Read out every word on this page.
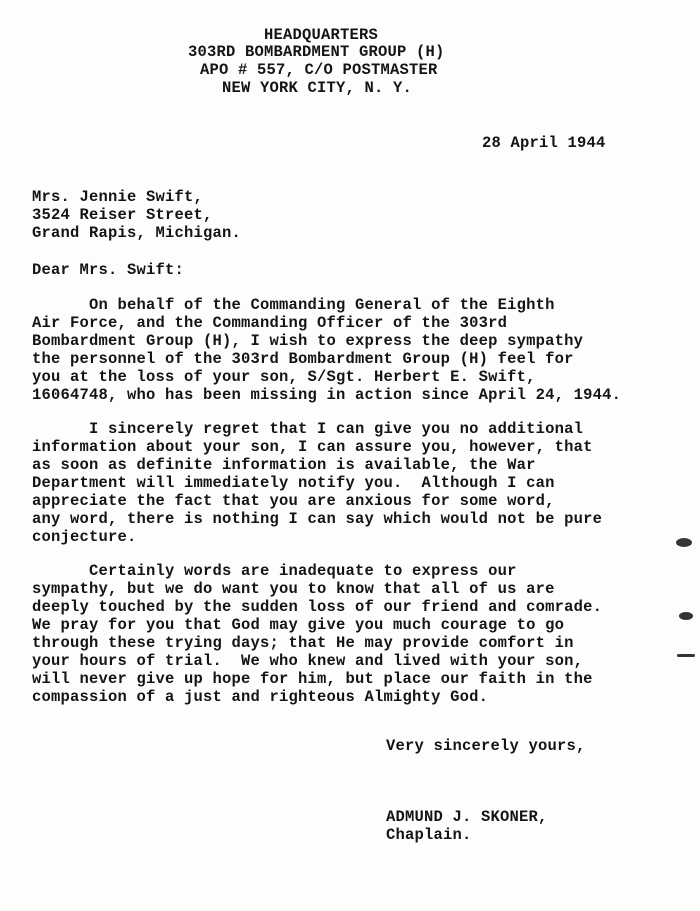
HEADQUARTERS
303RD BOMBARDMENT GROUP (H)
APO # 557, C/O POSTMASTER
NEW YORK CITY, N. Y.
28 April 1944
Mrs. Jennie Swift,
3524 Reiser Street,
Grand Rapis, Michigan.
Dear Mrs. Swift:
On behalf of the Commanding General of the Eighth
Air Force, and the Commanding Officer of the 303rd
Bombardment Group (H), I wish to express the deep sympathy
the personnel of the 303rd Bombardment Group (H) feel for
you at the loss of your son, S/Sgt. Herbert E. Swift,
16064748, who has been missing in action since April 24, 1944.
I sincerely regret that I can give you no additional
information about your son, I can assure you, however, that
as soon as definite information is available, the War
Department will immediately notify you.  Although I can
appreciate the fact that you are anxious for some word,
any word, there is nothing I can say which would not be pure
conjecture.
Certainly words are inadequate to express our
sympathy, but we do want you to know that all of us are
deeply touched by the sudden loss of our friend and comrade.
We pray for you that God may give you much courage to go
through these trying days; that He may provide comfort in
your hours of trial.  We who knew and lived with your son,
will never give up hope for him, but place our faith in the
compassion of a just and righteous Almighty God.
Very sincerely yours,
ADMUND J. SKONER,
Chaplain.
